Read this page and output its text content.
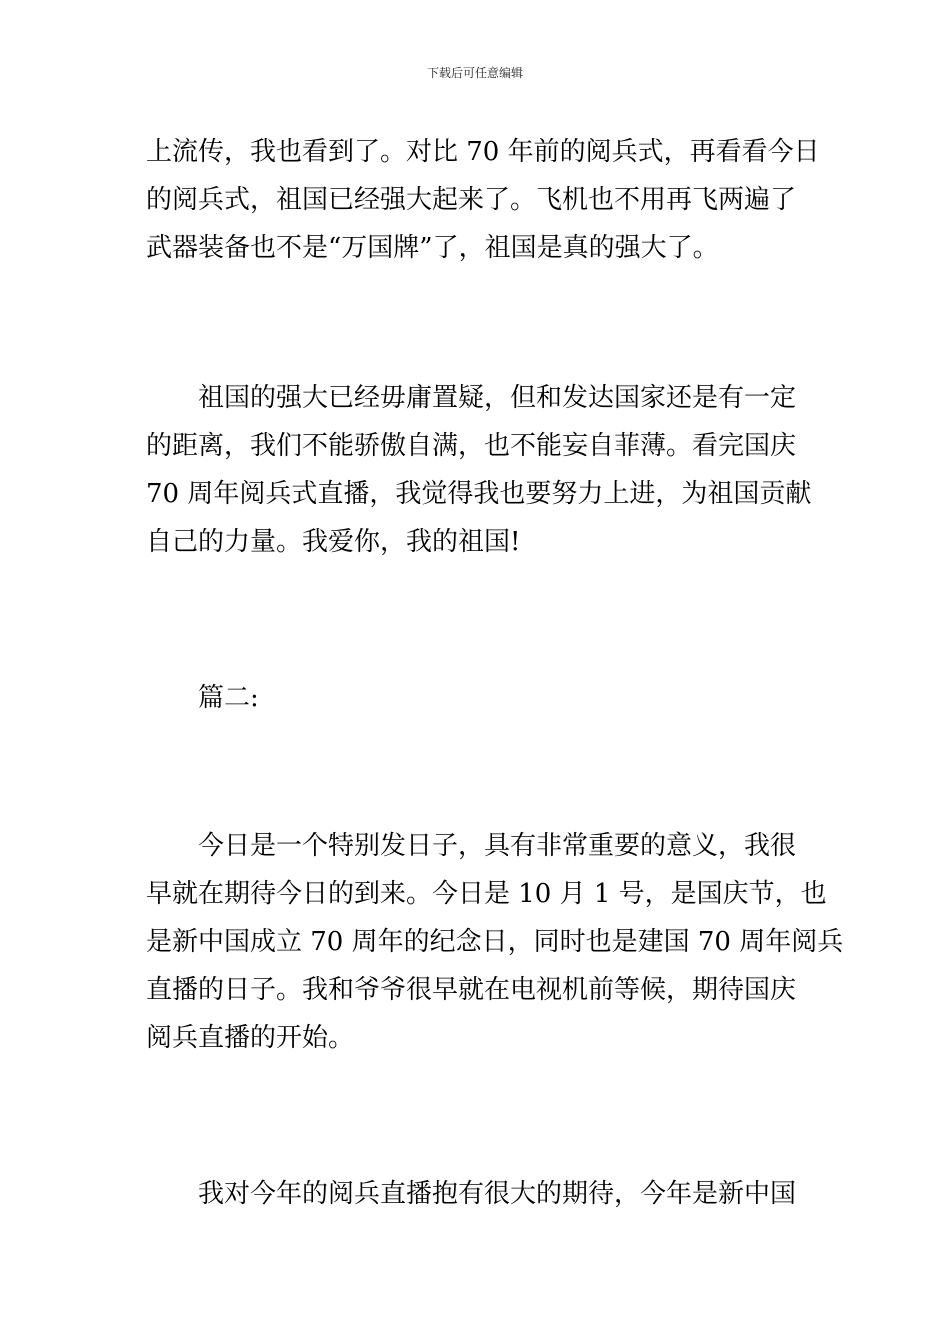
下载后可任意编辑
上流传，我也看到了。对比 70 年前的阅兵式，再看看今日
的阅兵式，祖国已经强大起来了。飞机也不用再飞两遍了
武器装备也不是“万国牌”了，祖国是真的强大了。
祖国的强大已经毋庸置疑，但和发达国家还是有一定
的距离，我们不能骄傲自满，也不能妄自菲薄。看完国庆
70 周年阅兵式直播，我觉得我也要努力上进，为祖国贡献
自己的力量。我爱你，我的祖国!
篇二:
今日是一个特别发日子，具有非常重要的意义，我很
早就在期待今日的到来。今日是 10 月 1 号，是国庆节，也
是新中国成立 70 周年的纪念日，同时也是建国 70 周年阅兵
直播的日子。我和爷爷很早就在电视机前等候，期待国庆
阅兵直播的开始。
我对今年的阅兵直播抱有很大的期待，今年是新中国
